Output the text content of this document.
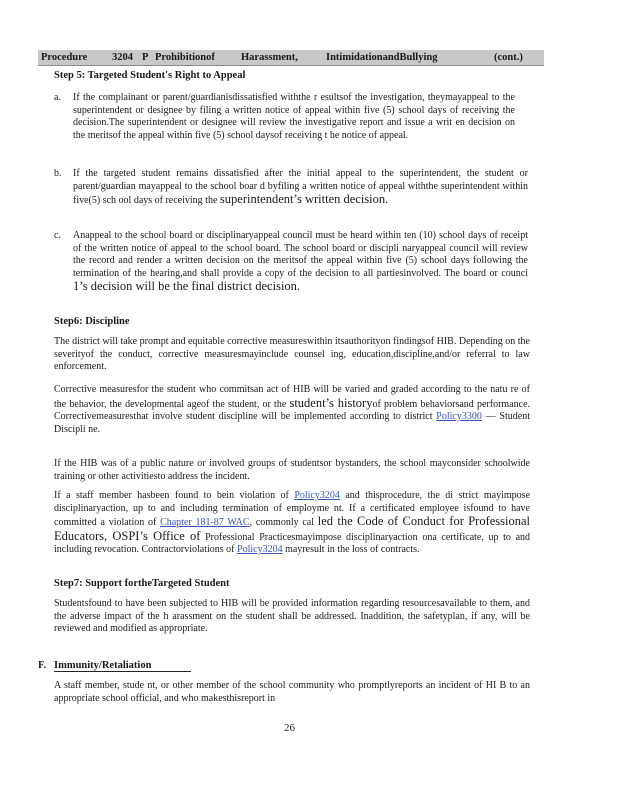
Procedure 3204 P Prohibitionof Harassment,	IntimidationandBullying	(cont.)
Step 5: Targeted Student's Right to Appeal
a. If the complainant or parent/guardianisdissatisfied withthe r esultsof the investigation, theymayappeal to the superintendent or designee by filing a written notice of appeal within five (5) school days of receiving the decision.The superintendent or designee will review the investigative report and issue a writ en decision on the meritsof the appeal within five (5) school daysof receiving t he notice of appeal.
b. If the targeted student remains dissatisfied after the initial appeal to the superintendent, the student or parent/guardian mayappeal to the school boar d byfiling a written notice of appeal withthe superintendent within five(5) sch ool days of receiving the superintendent’s written decision.
c. Anappeal to the school board or disciplinaryappeal council must be heard within ten (10) school days of receipt of the written notice of appeal to the school board. The school board or discipli naryappeal council will review the record and render a written decision on the meritsof the appeal within five (5) school days following the termination of the hearing,and shall provide a copy of the decision to all partiesinvolved. The board or counci 1’s decision will be the final district decision.
Step6: Discipline
The district will take prompt and equitable corrective measureswithin itsauthorityon findingsof HIB. Depending on the severityof the conduct, corrective measuresmayinclude counsel ing, education,discipline,and/or referral to law enforcement.
Corrective measuresfor the student who commitsan act of HIB will be varied and graded according to the natu re of the behavior, the developmental ageof the student, or the student’s historyof problem behaviorsand performance. Correctivemeasuresthat involve student discipline will be implemented according to district Policy3300 — Student Discipli ne.
If the HIB was of a public nature or involved groups of studentsor bystanders, the school mayconsider schoolwide training or other activitiesto address the incident.
If a staff member hasbeen found to bein violation of Policy3204 and thisprocedure, the di strict mayimpose disciplinaryaction, up to and including termination of employme nt. If a certificated employee isfound to have committed a violation of Chapter 181-87 WAC, commonly cal led the Code of Conduct for Professional Educators, OSPI’s Office of Professional Practicesmayimpose disciplinaryaction ona certificate, up to and including revocation. Contractorviolations of Policy3204 mayresult in the loss of contracts.
Step7: Support fortheTargeted Student
Studentsfound to have been subjected to HIB will be provided information regarding resourcesavailable to them, and the adverse impact of the h arassment on the student shall be addressed. Inaddition, the safetyplan, if any, will be reviewed and modified as appropriate.
F. Immunity/Retaliation
A staff member, stude nt, or other member of the school community who promptlyreports an incident of HI B to an appropriate school official, and who makesthisreport in
26
